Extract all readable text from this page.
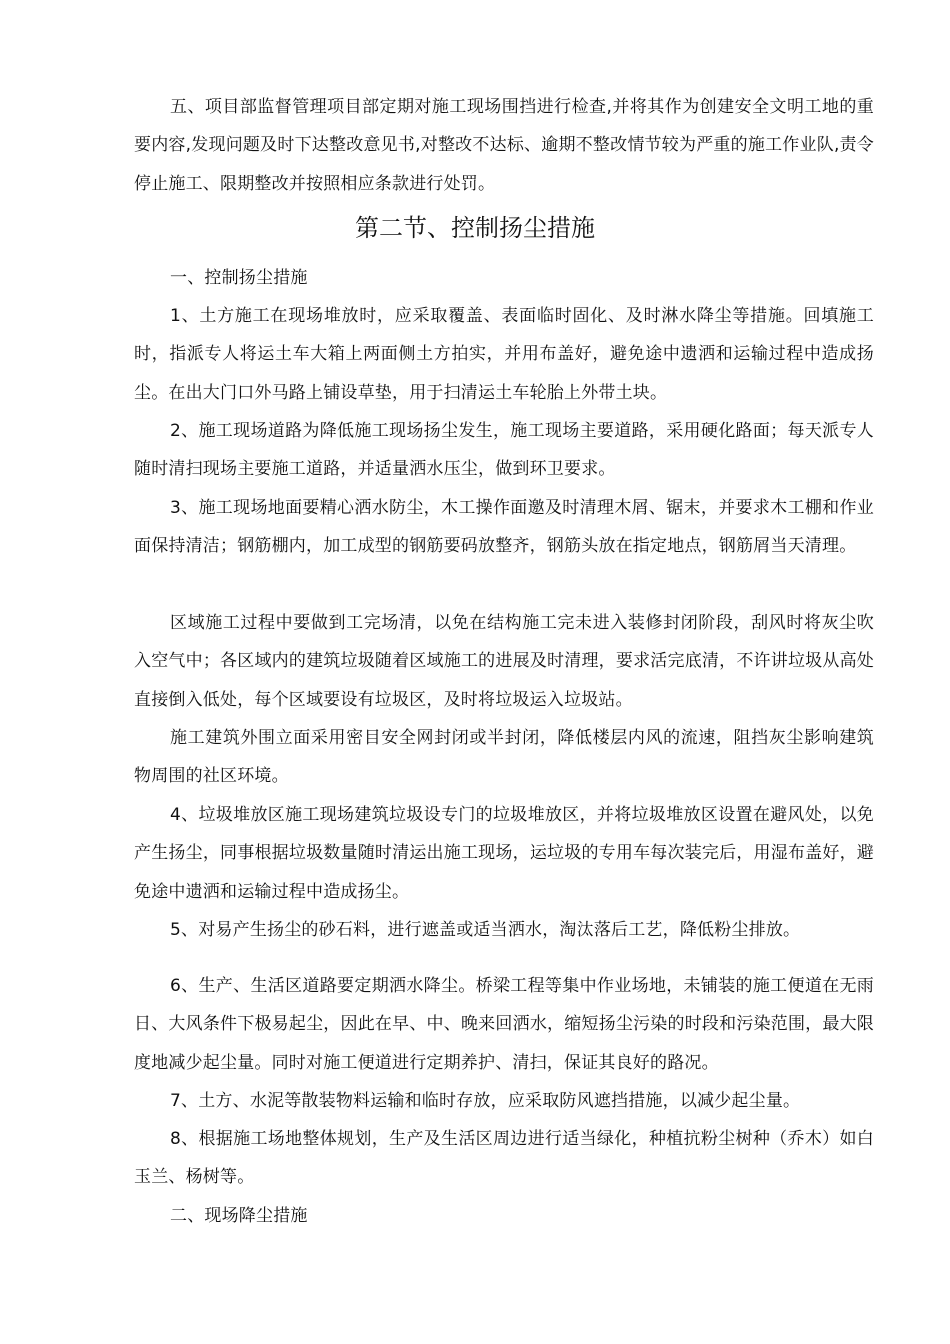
五、项目部监督管理项目部定期对施工现场围挡进行检查,并将其作为创建安全文明工地的重要内容,发现问题及时下达整改意见书,对整改不达标、逾期不整改情节较为严重的施工作业队,责令停止施工、限期整改并按照相应条款进行处罚。

第二节、控制扬尘措施

一、控制扬尘措施

1、土方施工在现场堆放时，应采取覆盖、表面临时固化、及时淋水降尘等措施。回填施工时，指派专人将运土车大箱上两面侧土方拍实，并用布盖好，避免途中遗洒和运输过程中造成扬尘。在出大门口外马路上铺设草垫，用于扫清运土车轮胎上外带土块。

2、施工现场道路为降低施工现场扬尘发生，施工现场主要道路，采用硬化路面；每天派专人随时清扫现场主要施工道路，并适量洒水压尘，做到环卫要求。

3、施工现场地面要精心洒水防尘，木工操作面邀及时清理木屑、锯末，并要求木工棚和作业面保持清洁；钢筋棚内，加工成型的钢筋要码放整齐，钢筋头放在指定地点，钢筋屑当天清理。

区域施工过程中要做到工完场清，以免在结构施工完未进入装修封闭阶段，刮风时将灰尘吹入空气中；各区域内的建筑垃圾随着区域施工的进展及时清理，要求活完底清，不许讲垃圾从高处直接倒入低处，每个区域要设有垃圾区，及时将垃圾运入垃圾站。

施工建筑外围立面采用密目安全网封闭或半封闭，降低楼层内风的流速，阻挡灰尘影响建筑物周围的社区环境。

4、垃圾堆放区施工现场建筑垃圾设专门的垃圾堆放区，并将垃圾堆放区设置在避风处，以免产生扬尘，同事根据垃圾数量随时清运出施工现场，运垃圾的专用车每次装完后，用湿布盖好，避免途中遗洒和运输过程中造成扬尘。

5、对易产生扬尘的砂石料，进行遮盖或适当洒水，淘汰落后工艺，降低粉尘排放。

6、生产、生活区道路要定期洒水降尘。桥梁工程等集中作业场地，未铺装的施工便道在无雨日、大风条件下极易起尘，因此在早、中、晚来回洒水，缩短扬尘污染的时段和污染范围，最大限度地减少起尘量。同时对施工便道进行定期养护、清扫，保证其良好的路况。

7、土方、水泥等散装物料运输和临时存放，应采取防风遮挡措施，以减少起尘量。

8、根据施工场地整体规划，生产及生活区周边进行适当绿化，种植抗粉尘树种（乔木）如白玉兰、杨树等。

二、现场降尘措施
